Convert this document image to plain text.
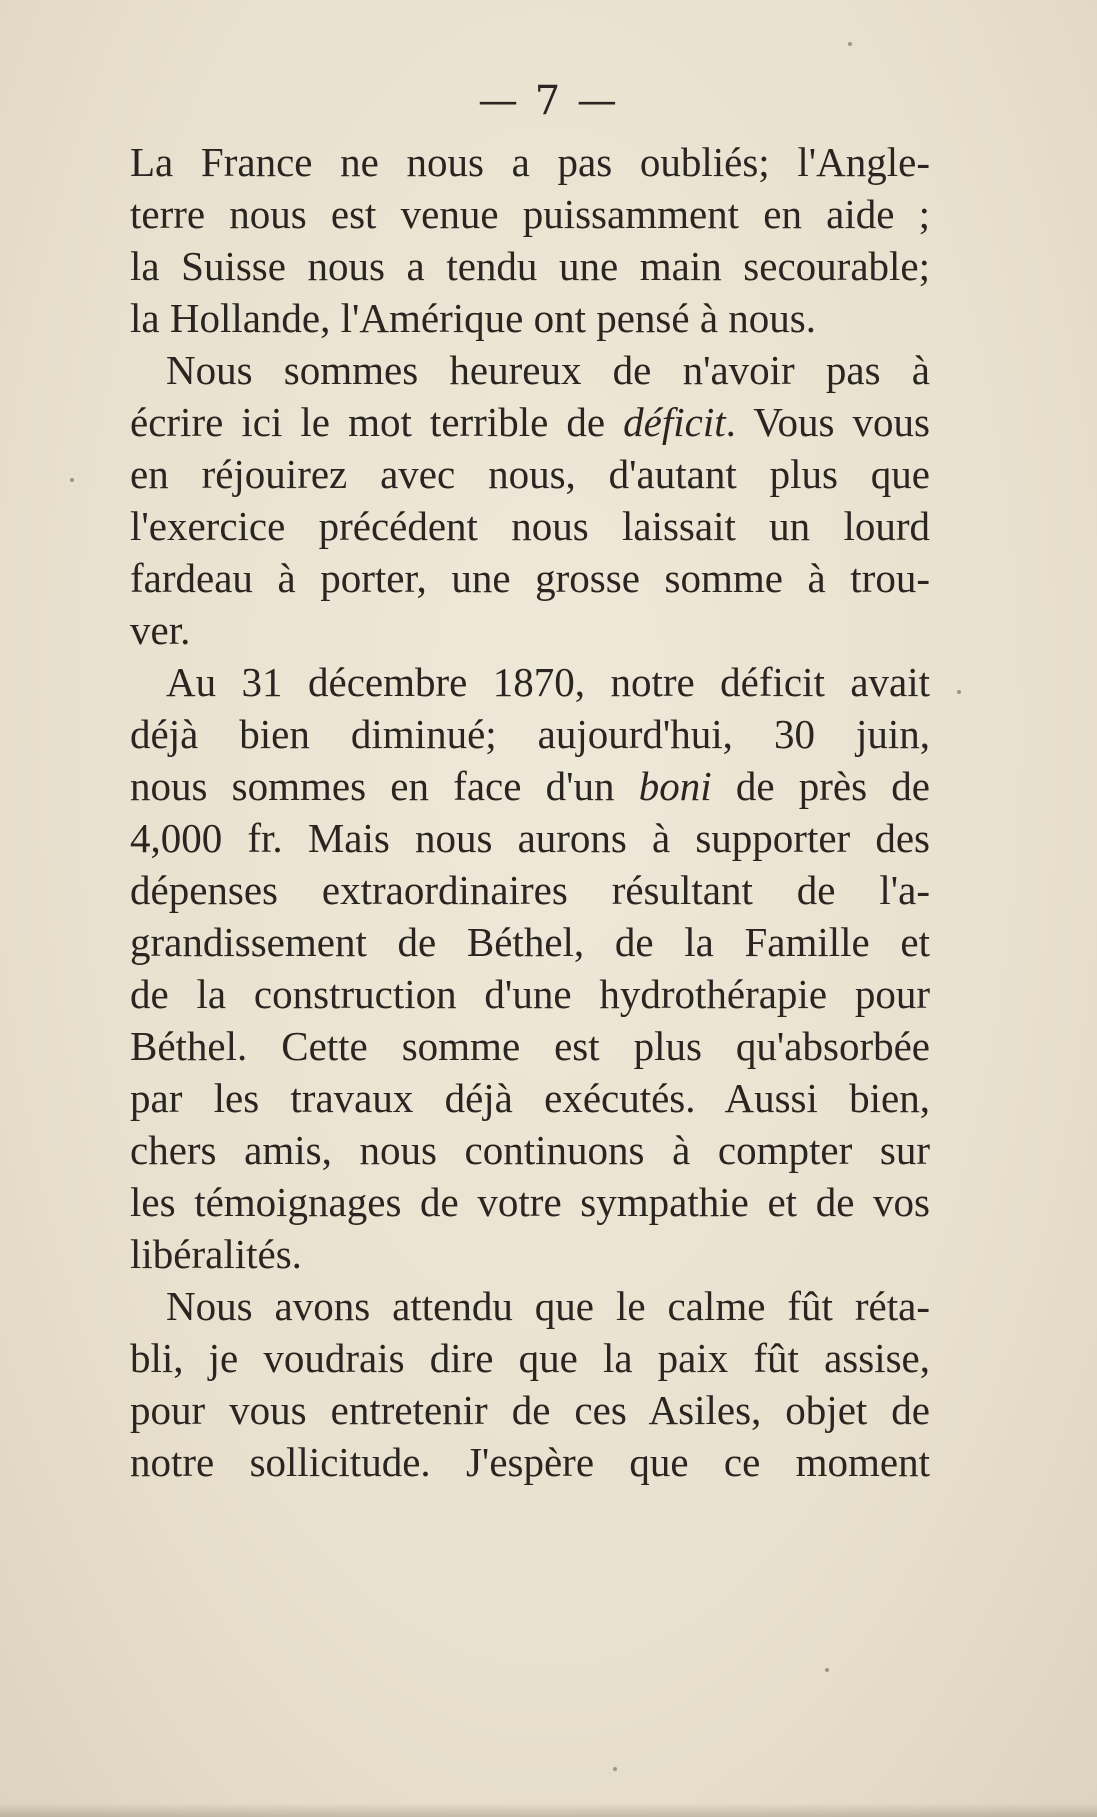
— 7 —
La France ne nous a pas oubliés; l'Angle-
terre nous est venue puissamment en aide ;
la Suisse nous a tendu une main secourable;
la Hollande, l'Amérique ont pensé à nous.
Nous sommes heureux de n'avoir pas à
écrire ici le mot terrible de déficit. Vous vous
en réjouirez avec nous, d'autant plus que
l'exercice précédent nous laissait un lourd
fardeau à porter, une grosse somme à trou-
ver.
Au 31 décembre 1870, notre déficit avait
déjà bien diminué; aujourd'hui, 30 juin,
nous sommes en face d'un boni de près de
4,000 fr. Mais nous aurons à supporter des
dépenses extraordinaires résultant de l'a-
grandissement de Béthel, de la Famille et
de la construction d'une hydrothérapie pour
Béthel. Cette somme est plus qu'absorbée
par les travaux déjà exécutés. Aussi bien,
chers amis, nous continuons à compter sur
les témoignages de votre sympathie et de vos
libéralités.
Nous avons attendu que le calme fût réta-
bli, je voudrais dire que la paix fût assise,
pour vous entretenir de ces Asiles, objet de
notre sollicitude. J'espère que ce moment
